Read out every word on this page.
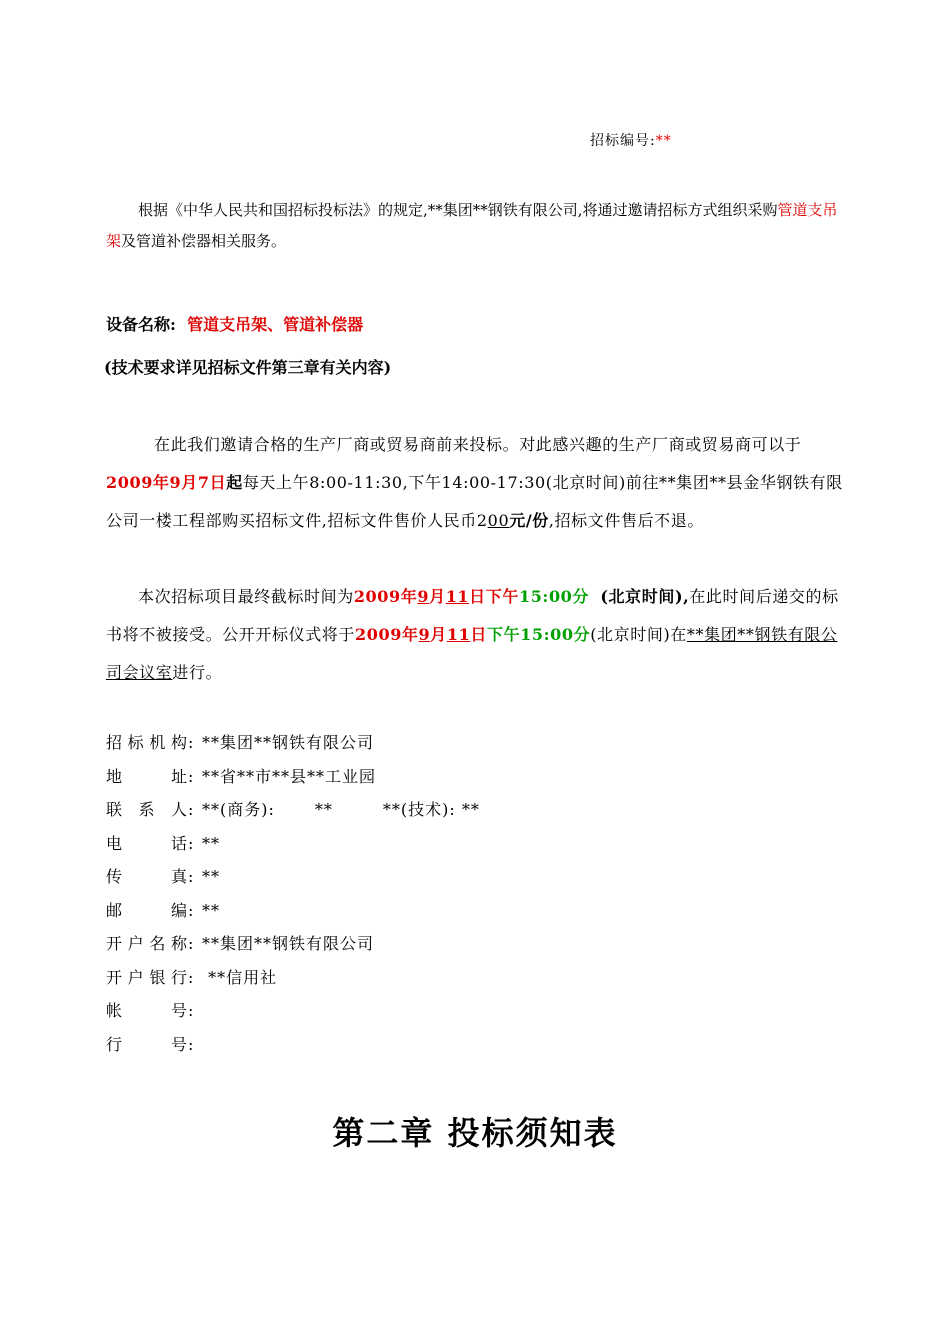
招标编号:**
根据《中华人民共和国招标投标法》的规定,**集团**钢铁有限公司,将通过邀请招标方式组织采购管道支吊架及管道补偿器相关服务。
设备名称: 管道支吊架、管道补偿器
(技术要求详见招标文件第三章有关内容)
在此我们邀请合格的生产厂商或贸易商前来投标。对此感兴趣的生产厂商或贸易商可以于2009年9月7日起每天上午8:00-11:30,下午14:00-17:30(北京时间)前往**集团**县金华钢铁有限公司一楼工程部购买招标文件,招标文件售价人民币200元/份,招标文件售后不退。
本次招标项目最终截标时间为2009年9月11日下午15:00分 (北京时间),在此时间后递交的标书将不被接受。公开开标仪式将于2009年9月11日下午15:00分(北京时间)在**集团**钢铁有限公司会议室进行。
招标机构: **集团**钢铁有限公司
地址: **省**市**县**工业园
联系人: **(商务):	**	**(技术): **
电话: **
传真: **
邮编: **
开户名称: **集团**钢铁有限公司
开户银行: **信用社
帐号:
行号:
第二章 投标须知表
